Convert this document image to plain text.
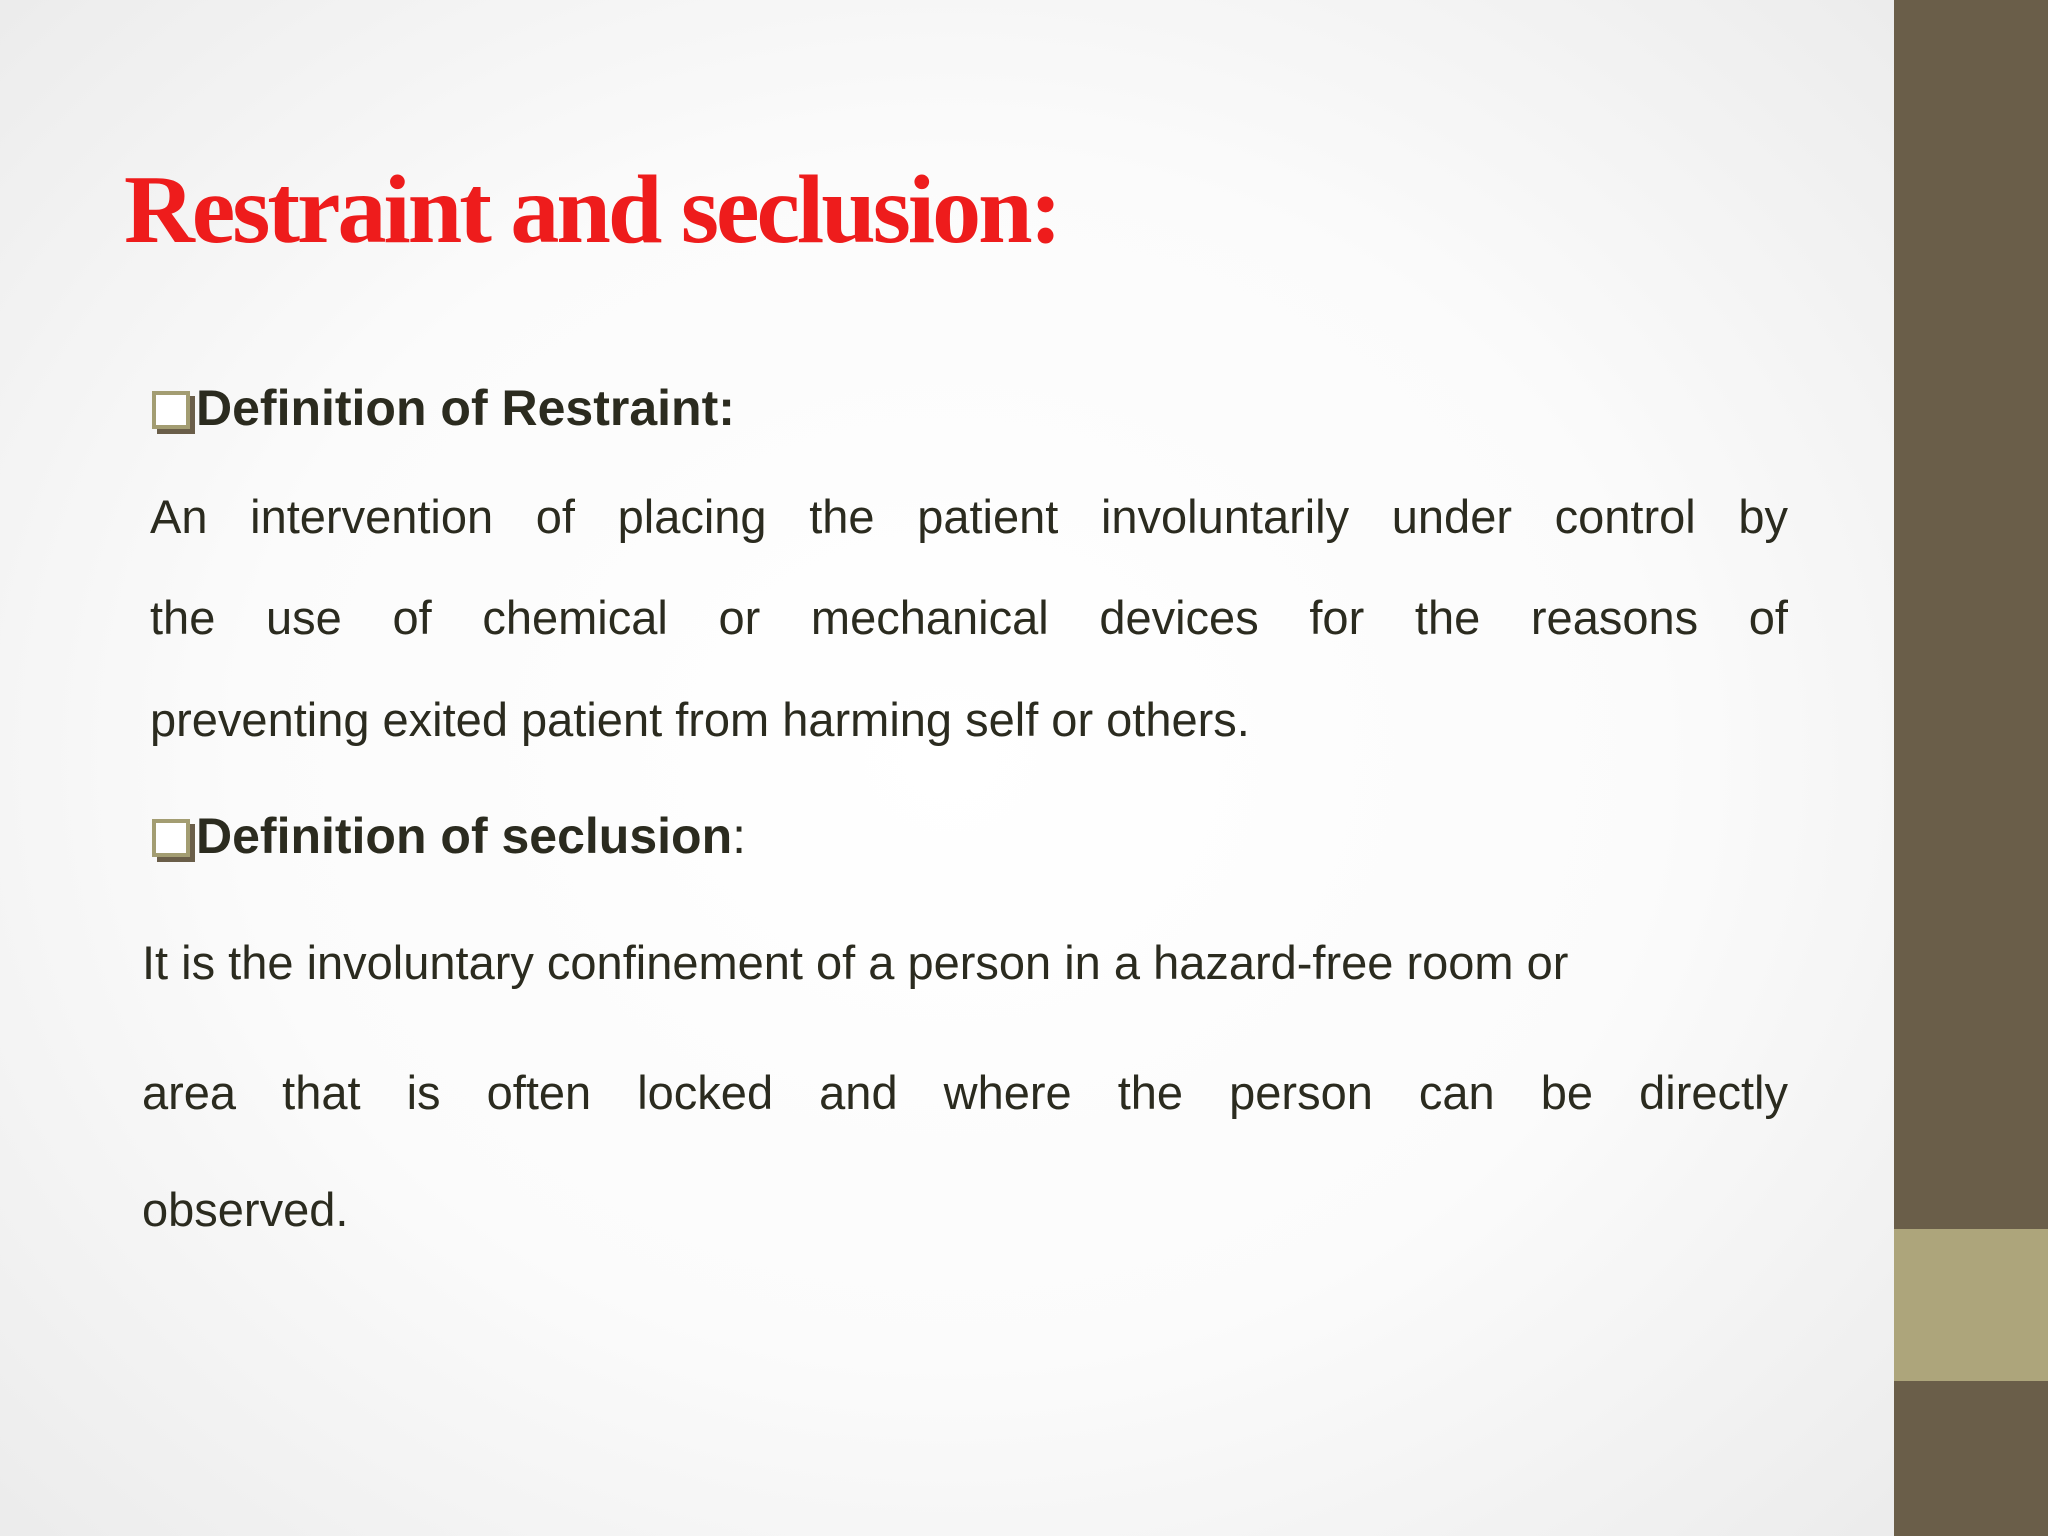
Restraint and seclusion:
Definition of Restraint:
An intervention of placing the patient involuntarily under control by
the use of chemical or mechanical devices for the reasons of
preventing exited patient from harming self or others.
Definition of seclusion:
It is the involuntary confinement of a person in a hazard-free room or
area that is often locked and where the person can be directly
observed.
